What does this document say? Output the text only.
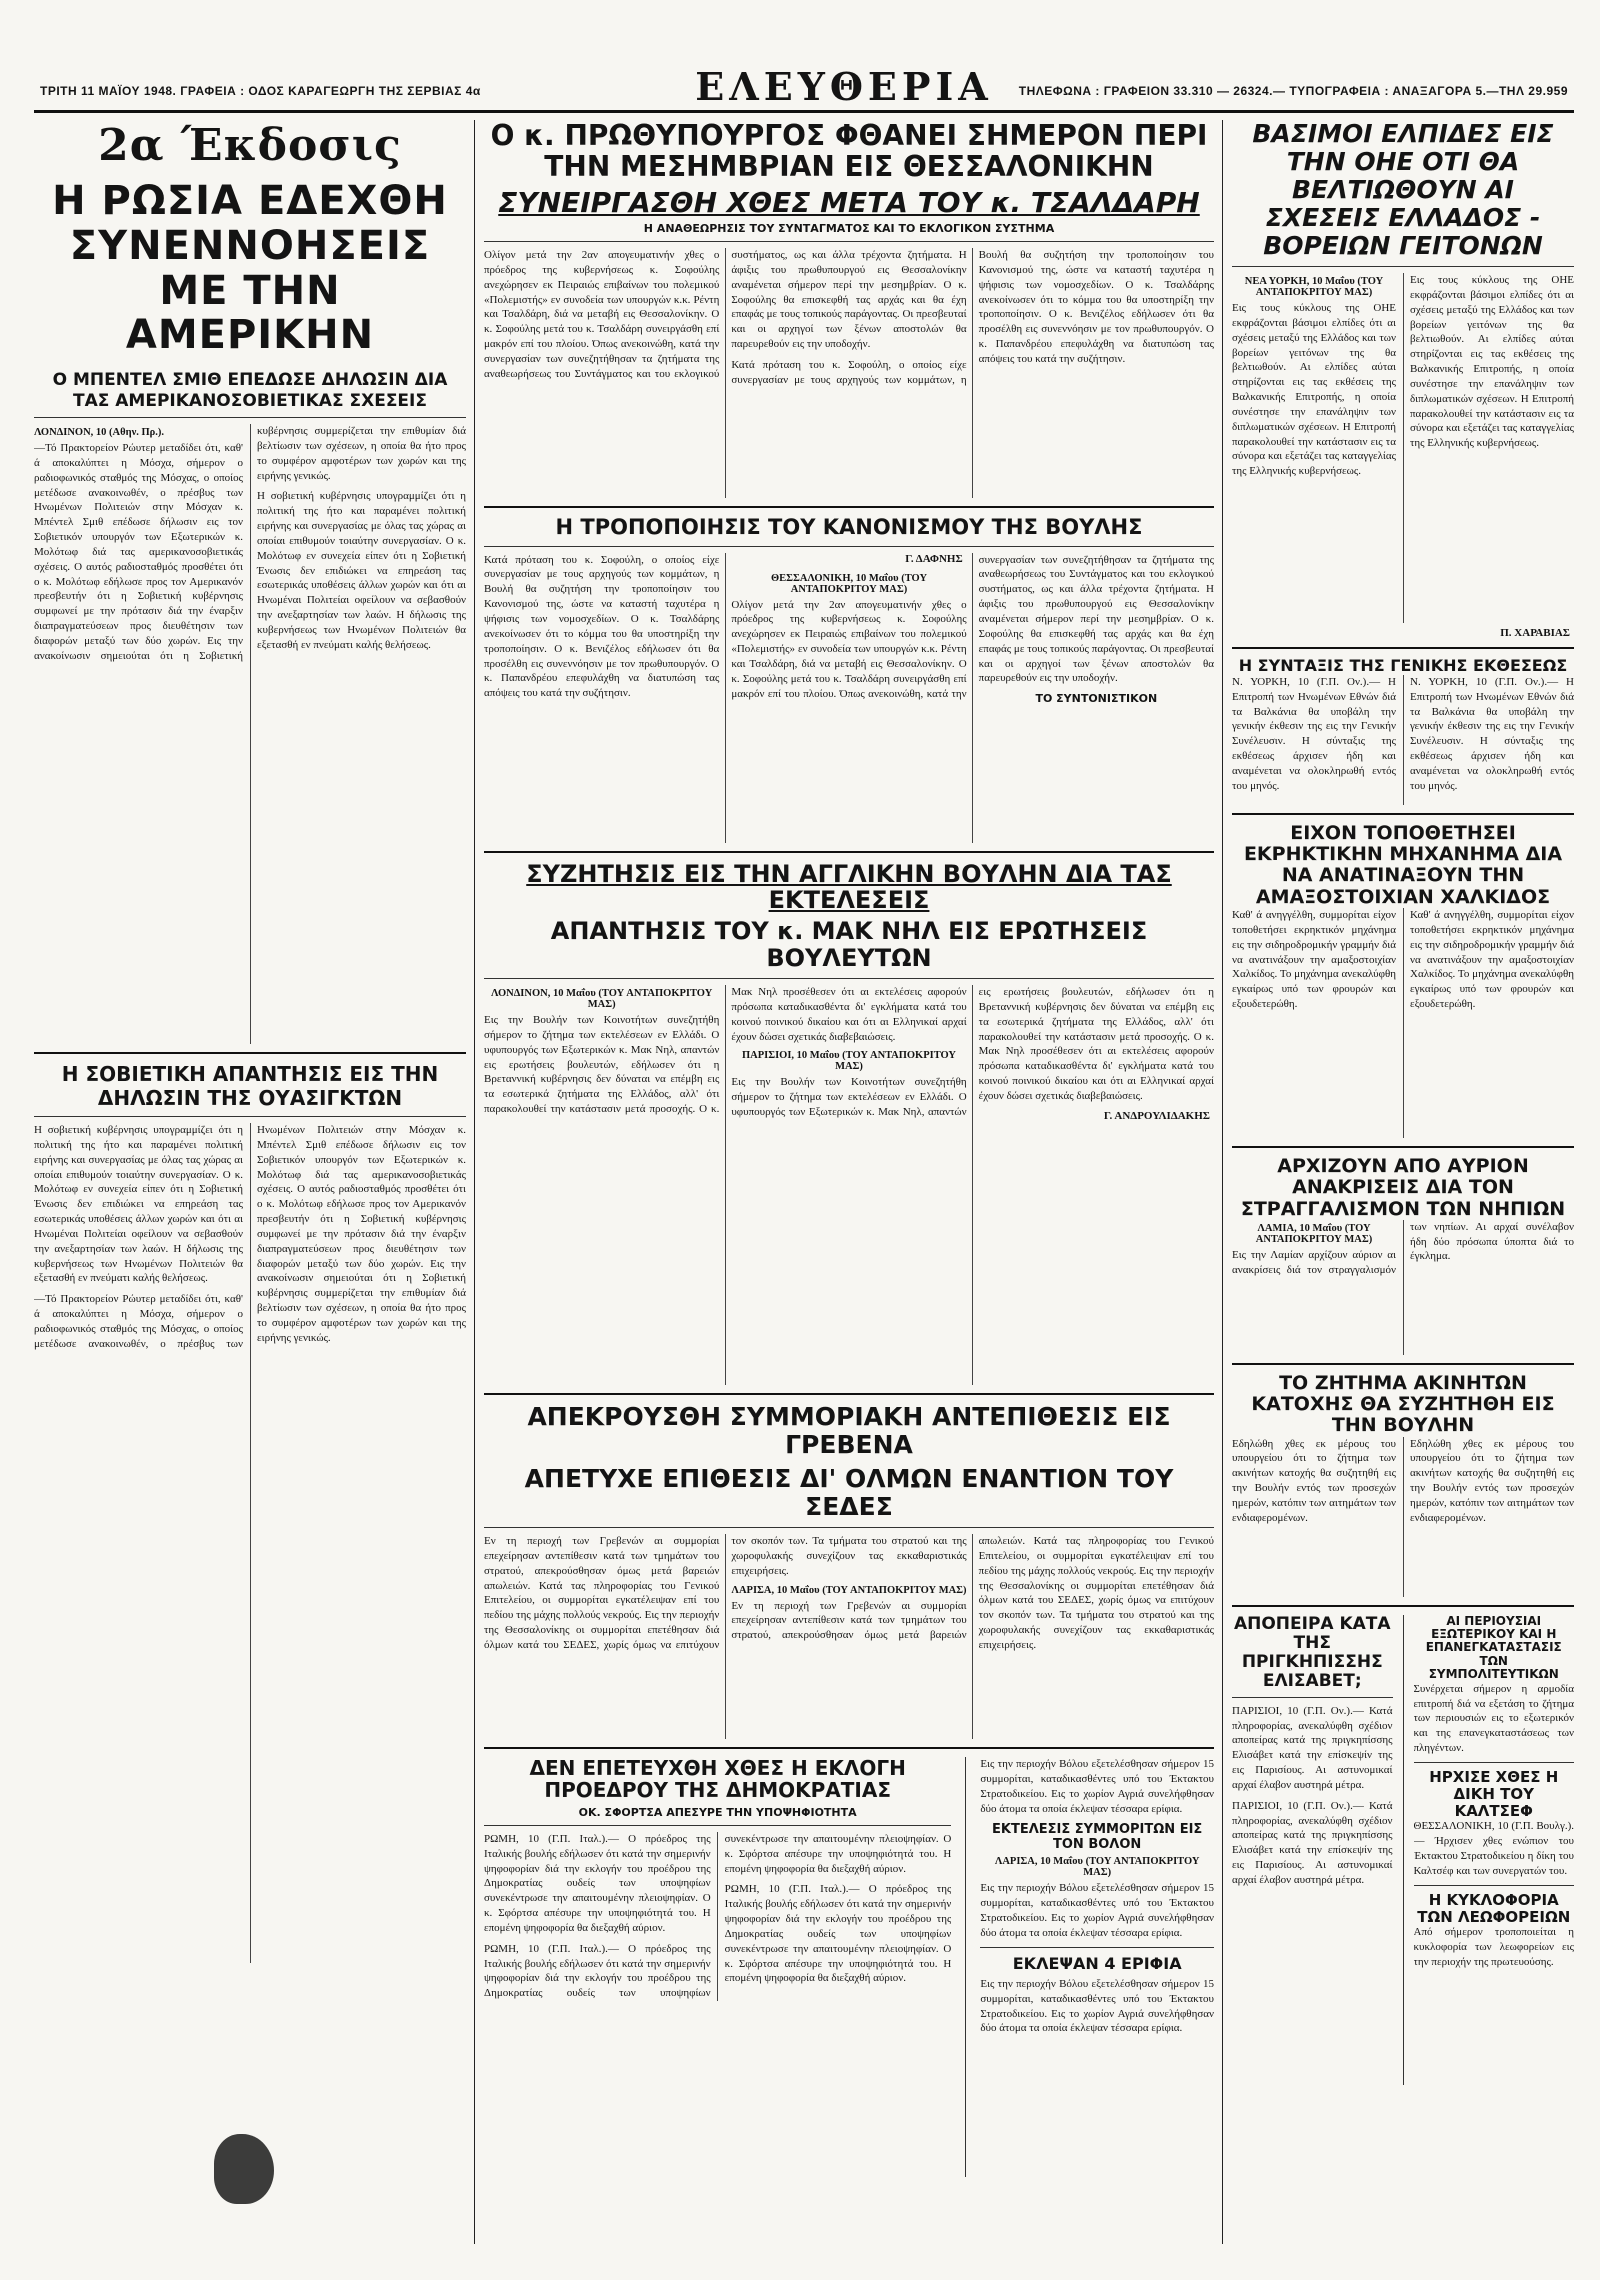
ΤΡΙΤΗ 11 ΜΑΪΟΥ 1948. ΓΡΑΦΕΙΑ : ΟΔΟΣ ΚΑΡΑΓΕΩΡΓΗ ΤΗΣ ΣΕΡΒΙΑΣ 4α	ΕΛΕΥΘΕΡΙΑ ΤΗΛΕΦΩΝΑ : ΓΡΑΦΕΙΟΝ 33.310 — 26324.— ΤΥΠΟΓΡΑΦΕΙΑ : ΑΝΑΞΑΓΟΡΑ 5.—ΤΗΛ 29.959
2α Έκδοσις
Η ΡΩΣΙΑ ΕΔΕΧΘΗ ΣΥΝΕΝΝΟΗΣΕΙΣ ΜΕ ΤΗΝ ΑΜΕΡΙΚΗΝ
Ο ΜΠΕΝΤΕΛ ΣΜΙΘ ΕΠΕΔΩΣΕ ΔΗΛΩΣΙΝ ΔΙΑ ΤΑΣ ΑΜΕΡΙΚΑΝΟΣΟΒΙΕΤΙΚΑΣ ΣΧΕΣΕΙΣ
ΛΟΝΔΙΝΟΝ, 10 (Αθην. Πρ.).

—Τό Πρακτορείον Ρώυτερ μεταδίδει ότι, καθ' ά αποκαλύπτει η Μόσχα, σήμερον ο ραδιοφωνικός σταθμός της Μόσχας, ο οποίος μετέδωσε ανακοινωθέν, ο πρέσβυς των Ηνωμένων Πολιτειών στην Μόσχαν κ. Μπέντελ Σμιθ επέδωσε δήλωσιν εις τον Σοβιετικόν υπουργόν των Εξωτερικών κ. Μολότωφ διά τας αμερικανοσοβιετικάς σχέσεις. Ο αυτός ραδιοσταθμός προσθέτει ότι ο κ. Μολότωφ εδήλωσε προς τον Αμερικανόν πρεσβευτήν ότι η Σοβιετική κυβέρνησις συμφωνεί με την πρότασιν διά την έναρξιν διαπραγματεύσεων προς διευθέτησιν των διαφορών μεταξύ των δύο χωρών. Εις την ανακοίνωσιν σημειούται ότι η Σοβιετική κυβέρνησις συμμερίζεται την επιθυμίαν διά βελτίωσιν των σχέσεων, η οποία θα ήτο προς το συμφέρον αμφοτέρων των χωρών και της ειρήνης γενικώς.

Η σοβιετική κυβέρνησις υπογραμμίζει ότι η πολιτική της ήτο και παραμένει πολιτική ειρήνης και συνεργασίας με όλας τας χώρας αι οποίαι επιθυμούν τοιαύτην συνεργασίαν. Ο κ. Μολότωφ εν συνεχεία είπεν ότι η Σοβιετική Ένωσις δεν επιδιώκει να επηρεάση τας εσωτερικάς υποθέσεις άλλων χωρών και ότι αι Ηνωμέναι Πολιτείαι οφείλουν να σεβασθούν την ανεξαρτησίαν των λαών. Η δήλωσις της κυβερνήσεως των Ηνωμένων Πολιτειών θα εξετασθή εν πνεύματι καλής θελήσεως.

Η ΣΟΒΙΕΤΙΚΗ ΑΠΑΝΤΗΣΙΣ ΕΙΣ ΤΗΝ ΔΗΛΩΣΙΝ ΤΗΣ ΟΥΑΣΙΓΚΤΩΝ

Η σοβιετική κυβέρνησις υπογραμμίζει ότι η πολιτική της ήτο και παραμένει πολιτική ειρήνης και συνεργασίας με όλας τας χώρας αι οποίαι επιθυμούν τοιαύτην συνεργασίαν. Ο κ. Μολότωφ εν συνεχεία είπεν ότι η Σοβιετική Ένωσις δεν επιδιώκει να επηρεάση τας εσωτερικάς υποθέσεις άλλων χωρών και ότι αι Ηνωμέναι Πολιτείαι οφείλουν να σεβασθούν την ανεξαρτησίαν των λαών. Η δήλωσις της κυβερνήσεως των Ηνωμένων Πολιτειών θα εξετασθή εν πνεύματι καλής θελήσεως.

—Τό Πρακτορείον Ρώυτερ μεταδίδει ότι, καθ' ά αποκαλύπτει η Μόσχα, σήμερον ο ραδιοφωνικός σταθμός της Μόσχας, ο οποίος μετέδωσε ανακοινωθέν, ο πρέσβυς των Ηνωμένων Πολιτειών στην Μόσχαν κ. Μπέντελ Σμιθ επέδωσε δήλωσιν εις τον Σοβιετικόν υπουργόν των Εξωτερικών κ. Μολότωφ διά τας αμερικανοσοβιετικάς σχέσεις. Ο αυτός ραδιοσταθμός προσθέτει ότι ο κ. Μολότωφ εδήλωσε προς τον Αμερικανόν πρεσβευτήν ότι η Σοβιετική κυβέρνησις συμφωνεί με την πρότασιν διά την έναρξιν διαπραγματεύσεων προς διευθέτησιν των διαφορών μεταξύ των δύο χωρών. Εις την ανακοίνωσιν σημειούται ότι η Σοβιετική κυβέρνησις συμμερίζεται την επιθυμίαν διά βελτίωσιν των σχέσεων, η οποία θα ήτο προς το συμφέρον αμφοτέρων των χωρών και της ειρήνης γενικώς.

Ο κ. ΠΡΩΘΥΠΟΥΡΓΟΣ ΦΘΑΝΕΙ ΣΗΜΕΡΟΝ ΠΕΡΙ ΤΗΝ ΜΕΣΗΜΒΡΙΑΝ ΕΙΣ ΘΕΣΣΑΛΟΝΙΚΗΝ
ΣΥΝΕΙΡΓΑΣΘΗ ΧΘΕΣ ΜΕΤΑ ΤΟΥ κ. ΤΣΑΛΔΑΡΗ
Η ΑΝΑΘΕΩΡΗΣΙΣ ΤΟΥ ΣΥΝΤΑΓΜΑΤΟΣ ΚΑΙ ΤΟ ΕΚΛΟΓΙΚΟΝ ΣΥΣΤΗΜΑ

Ολίγον μετά την 2αν απογευματινήν χθες ο πρόεδρος της κυβερνήσεως κ. Σοφούλης ανεχώρησεν εκ Πειραιώς επιβαίνων του πολεμικού «Πολεμιστής» εν συνοδεία των υπουργών κ.κ. Ρέντη και Τσαλδάρη, διά να μεταβή εις Θεσσαλονίκην. Ο κ. Σοφούλης μετά του κ. Τσαλδάρη συνειργάσθη επί μακρόν επί του πλοίου. Όπως ανεκοινώθη, κατά την συνεργασίαν των συνεζητήθησαν τα ζητήματα της αναθεωρήσεως του Συντάγματος και του εκλογικού συστήματος, ως και άλλα τρέχοντα ζητήματα. Η άφιξις του πρωθυπουργού εις Θεσσαλονίκην αναμένεται σήμερον περί την μεσημβρίαν. Ο κ. Σοφούλης θα επισκεφθή τας αρχάς και θα έχη επαφάς με τους τοπικούς παράγοντας. Οι πρεσβευταί και οι αρχηγοί των ξένων αποστολών θα παρευρεθούν εις την υποδοχήν.

Κατά πρόταση του κ. Σοφούλη, ο οποίος είχε συνεργασίαν με τους αρχηγούς των κομμάτων, η Βουλή θα συζητήση την τροποποίησιν του Κανονισμού της, ώστε να καταστή ταχυτέρα η ψήφισις των νομοσχεδίων. Ο κ. Τσαλδάρης ανεκοίνωσεν ότι το κόμμα του θα υποστηρίξη την τροποποίησιν. Ο κ. Βενιζέλος εδήλωσεν ότι θα προσέλθη εις συνεννόησιν με τον πρωθυπουργόν. Ο κ. Παπανδρέου επεφυλάχθη να διατυπώση τας απόψεις του κατά την συζήτησιν.

Η ΤΡΟΠΟΠΟΙΗΣΙΣ ΤΟΥ ΚΑΝΟΝΙΣΜΟΥ ΤΗΣ ΒΟΥΛΗΣ

Κατά πρόταση του κ. Σοφούλη, ο οποίος είχε συνεργασίαν με τους αρχηγούς των κομμάτων, η Βουλή θα συζητήση την τροποποίησιν του Κανονισμού της, ώστε να καταστή ταχυτέρα η ψήφισις των νομοσχεδίων. Ο κ. Τσαλδάρης ανεκοίνωσεν ότι το κόμμα του θα υποστηρίξη την τροποποίησιν. Ο κ. Βενιζέλος εδήλωσεν ότι θα προσέλθη εις συνεννόησιν με τον πρωθυπουργόν. Ο κ. Παπανδρέου επεφυλάχθη να διατυπώση τας απόψεις του κατά την συζήτησιν.

Γ. ΔΑΦΝΗΣ
ΘΕΣΣΑΛΟΝΙΚΗ, 10 Μαΐου (ΤΟΥ ΑΝΤΑΠΟΚΡΙΤΟΥ ΜΑΣ)

Ολίγον μετά την 2αν απογευματινήν χθες ο πρόεδρος της κυβερνήσεως κ. Σοφούλης ανεχώρησεν εκ Πειραιώς επιβαίνων του πολεμικού «Πολεμιστής» εν συνοδεία των υπουργών κ.κ. Ρέντη και Τσαλδάρη, διά να μεταβή εις Θεσσαλονίκην. Ο κ. Σοφούλης μετά του κ. Τσαλδάρη συνειργάσθη επί μακρόν επί του πλοίου. Όπως ανεκοινώθη, κατά την συνεργασίαν των συνεζητήθησαν τα ζητήματα της αναθεωρήσεως του Συντάγματος και του εκλογικού συστήματος, ως και άλλα τρέχοντα ζητήματα. Η άφιξις του πρωθυπουργού εις Θεσσαλονίκην αναμένεται σήμερον περί την μεσημβρίαν. Ο κ. Σοφούλης θα επισκεφθή τας αρχάς και θα έχη επαφάς με τους τοπικούς παράγοντας. Οι πρεσβευταί και οι αρχηγοί των ξένων αποστολών θα παρευρεθούν εις την υποδοχήν.

ΤΟ ΣΥΝΤΟΝΙΣΤΙΚΟΝ
ΣΥΖΗΤΗΣΙΣ ΕΙΣ ΤΗΝ ΑΓΓΛΙΚΗΝ ΒΟΥΛΗΝ ΔΙΑ ΤΑΣ ΕΚΤΕΛΕΣΕΙΣ
ΑΠΑΝΤΗΣΙΣ ΤΟΥ κ. ΜΑΚ ΝΗΛ ΕΙΣ ΕΡΩΤΗΣΕΙΣ ΒΟΥΛΕΥΤΩΝ
ΛΟΝΔΙΝΟΝ, 10 Μαΐου (ΤΟΥ ΑΝΤΑΠΟΚΡΙΤΟΥ ΜΑΣ)

Εις την Βουλήν των Κοινοτήτων συνεζητήθη σήμερον το ζήτημα των εκτελέσεων εν Ελλάδι. Ο υφυπουργός των Εξωτερικών κ. Μακ Νηλ, απαντών εις ερωτήσεις βουλευτών, εδήλωσεν ότι η Βρεταννική κυβέρνησις δεν δύναται να επέμβη εις τα εσωτερικά ζητήματα της Ελλάδος, αλλ' ότι παρακολουθεί την κατάστασιν μετά προσοχής. Ο κ. Μακ Νηλ προσέθεσεν ότι αι εκτελέσεις αφορούν πρόσωπα καταδικασθέντα δι' εγκλήματα κατά του κοινού ποινικού δικαίου και ότι αι Ελληνικαί αρχαί έχουν δώσει σχετικάς διαβεβαιώσεις.

ΠΑΡΙΣΙΟΙ, 10 Μαΐου (ΤΟΥ ΑΝΤΑΠΟΚΡΙΤΟΥ ΜΑΣ)

Εις την Βουλήν των Κοινοτήτων συνεζητήθη σήμερον το ζήτημα των εκτελέσεων εν Ελλάδι. Ο υφυπουργός των Εξωτερικών κ. Μακ Νηλ, απαντών εις ερωτήσεις βουλευτών, εδήλωσεν ότι η Βρεταννική κυβέρνησις δεν δύναται να επέμβη εις τα εσωτερικά ζητήματα της Ελλάδος, αλλ' ότι παρακολουθεί την κατάστασιν μετά προσοχής. Ο κ. Μακ Νηλ προσέθεσεν ότι αι εκτελέσεις αφορούν πρόσωπα καταδικασθέντα δι' εγκλήματα κατά του κοινού ποινικού δικαίου και ότι αι Ελληνικαί αρχαί έχουν δώσει σχετικάς διαβεβαιώσεις.

Γ. ΑΝΔΡΟΥΛΙΔΑΚΗΣ
ΑΠΕΚΡΟΥΣΘΗ ΣΥΜΜΟΡΙΑΚΗ ΑΝΤΕΠΙΘΕΣΙΣ ΕΙΣ ΓΡΕΒΕΝΑ
ΑΠΕΤΥΧΕ ΕΠΙΘΕΣΙΣ ΔΙ' ΟΛΜΩΝ ΕΝΑΝΤΙΟΝ ΤΟΥ ΣΕΔΕΣ

Εν τη περιοχή των Γρεβενών αι συμμορίαι επεχείρησαν αντεπίθεσιν κατά των τμημάτων του στρατού, απεκρούσθησαν όμως μετά βαρειών απωλειών. Κατά τας πληροφορίας του Γενικού Επιτελείου, οι συμμορίται εγκατέλειψαν επί του πεδίου της μάχης πολλούς νεκρούς. Εις την περιοχήν της Θεσσαλονίκης οι συμμορίται επετέθησαν διά όλμων κατά του ΣΕΔΕΣ, χωρίς όμως να επιτύχουν τον σκοπόν των. Τα τμήματα του στρατού και της χωροφυλακής συνεχίζουν τας εκκαθαριστικάς επιχειρήσεις.

ΛΑΡΙΣΑ, 10 Μαΐου (ΤΟΥ ΑΝΤΑΠΟΚΡΙΤΟΥ ΜΑΣ)

Εν τη περιοχή των Γρεβενών αι συμμορίαι επεχείρησαν αντεπίθεσιν κατά των τμημάτων του στρατού, απεκρούσθησαν όμως μετά βαρειών απωλειών. Κατά τας πληροφορίας του Γενικού Επιτελείου, οι συμμορίται εγκατέλειψαν επί του πεδίου της μάχης πολλούς νεκρούς. Εις την περιοχήν της Θεσσαλονίκης οι συμμορίται επετέθησαν διά όλμων κατά του ΣΕΔΕΣ, χωρίς όμως να επιτύχουν τον σκοπόν των. Τα τμήματα του στρατού και της χωροφυλακής συνεχίζουν τας εκκαθαριστικάς επιχειρήσεις.

ΔΕΝ ΕΠΕΤΕΥΧΘΗ ΧΘΕΣ Η ΕΚΛΟΓΗ ΠΡΟΕΔΡΟΥ ΤΗΣ ΔΗΜΟΚΡΑΤΙΑΣ
ΟΚ. ΣΦΟΡΤΣΑ ΑΠΕΣΥΡΕ ΤΗΝ ΥΠΟΨΗΦΙΟΤΗΤΑ

ΡΩΜΗ, 10 (Γ.Π. Ιταλ.).— Ο πρόεδρος της Ιταλικής βουλής εδήλωσεν ότι κατά την σημερινήν ψηφοφορίαν διά την εκλογήν του προέδρου της Δημοκρατίας ουδείς των υποψηφίων συνεκέντρωσε την απαιτουμένην πλειοψηφίαν. Ο κ. Σφόρτσα απέσυρε την υποψηφιότητά του. Η επομένη ψηφοφορία θα διεξαχθή αύριον.

ΡΩΜΗ, 10 (Γ.Π. Ιταλ.).— Ο πρόεδρος της Ιταλικής βουλής εδήλωσεν ότι κατά την σημερινήν ψηφοφορίαν διά την εκλογήν του προέδρου της Δημοκρατίας ουδείς των υποψηφίων συνεκέντρωσε την απαιτουμένην πλειοψηφίαν. Ο κ. Σφόρτσα απέσυρε την υποψηφιότητά του. Η επομένη ψηφοφορία θα διεξαχθή αύριον.

ΡΩΜΗ, 10 (Γ.Π. Ιταλ.).— Ο πρόεδρος της Ιταλικής βουλής εδήλωσεν ότι κατά την σημερινήν ψηφοφορίαν διά την εκλογήν του προέδρου της Δημοκρατίας ουδείς των υποψηφίων συνεκέντρωσε την απαιτουμένην πλειοψηφίαν. Ο κ. Σφόρτσα απέσυρε την υποψηφιότητά του. Η επομένη ψηφοφορία θα διεξαχθή αύριον.

Εις την περιοχήν Βόλου εξετελέσθησαν σήμερον 15 συμμορίται, καταδικασθέντες υπό του Έκτακτου Στρατοδικείου. Εις το χωρίον Αγριά συνελήφθησαν δύο άτομα τα οποία έκλεψαν τέσσαρα ερίφια.

ΕΚΤΕΛΕΣΙΣ ΣΥΜΜΟΡΙΤΩΝ ΕΙΣ ΤΟΝ ΒΟΛΟΝ
ΛΑΡΙΣΑ, 10 Μαΐου (ΤΟΥ ΑΝΤΑΠΟΚΡΙΤΟΥ ΜΑΣ)

Εις την περιοχήν Βόλου εξετελέσθησαν σήμερον 15 συμμορίται, καταδικασθέντες υπό του Έκτακτου Στρατοδικείου. Εις το χωρίον Αγριά συνελήφθησαν δύο άτομα τα οποία έκλεψαν τέσσαρα ερίφια.

ΕΚΛΕΨΑΝ 4 ΕΡΙΦΙΑ

Εις την περιοχήν Βόλου εξετελέσθησαν σήμερον 15 συμμορίται, καταδικασθέντες υπό του Έκτακτου Στρατοδικείου. Εις το χωρίον Αγριά συνελήφθησαν δύο άτομα τα οποία έκλεψαν τέσσαρα ερίφια.

ΒΑΣΙΜΟΙ ΕΛΠΙΔΕΣ ΕΙΣ ΤΗΝ ΟΗΕ ΟΤΙ ΘΑ ΒΕΛΤΙΩΘΟΥΝ ΑΙ ΣΧΕΣΕΙΣ ΕΛΛΑΔΟΣ - ΒΟΡΕΙΩΝ ΓΕΙΤΟΝΩΝ
ΝΕΑ ΥΟΡΚΗ, 10 Μαΐου (ΤΟΥ ΑΝΤΑΠΟΚΡΙΤΟΥ ΜΑΣ)

Εις τους κύκλους της ΟΗΕ εκφράζονται βάσιμοι ελπίδες ότι αι σχέσεις μεταξύ της Ελλάδος και των βορείων γειτόνων της θα βελτιωθούν. Αι ελπίδες αύται στηρίζονται εις τας εκθέσεις της Βαλκανικής Επιτροπής, η οποία συνέστησε την επανάληψιν των διπλωματικών σχέσεων. Η Επιτροπή παρακολουθεί την κατάστασιν εις τα σύνορα και εξετάζει τας καταγγελίας της Ελληνικής κυβερνήσεως.

Εις τους κύκλους της ΟΗΕ εκφράζονται βάσιμοι ελπίδες ότι αι σχέσεις μεταξύ της Ελλάδος και των βορείων γειτόνων της θα βελτιωθούν. Αι ελπίδες αύται στηρίζονται εις τας εκθέσεις της Βαλκανικής Επιτροπής, η οποία συνέστησε την επανάληψιν των διπλωματικών σχέσεων. Η Επιτροπή παρακολουθεί την κατάστασιν εις τα σύνορα και εξετάζει τας καταγγελίας της Ελληνικής κυβερνήσεως.

Π. ΧΑΡΑΒΙΑΣ
Η ΣΥΝΤΑΞΙΣ ΤΗΣ ΓΕΝΙΚΗΣ ΕΚΘΕΣΕΩΣ

Ν. ΥΟΡΚΗ, 10 (Γ.Π. Ον.).— Η Επιτροπή των Ηνωμένων Εθνών διά τα Βαλκάνια θα υποβάλη την γενικήν έκθεσιν της εις την Γενικήν Συνέλευσιν. Η σύνταξις της εκθέσεως άρχισεν ήδη και αναμένεται να ολοκληρωθή εντός του μηνός.

Ν. ΥΟΡΚΗ, 10 (Γ.Π. Ον.).— Η Επιτροπή των Ηνωμένων Εθνών διά τα Βαλκάνια θα υποβάλη την γενικήν έκθεσιν της εις την Γενικήν Συνέλευσιν. Η σύνταξις της εκθέσεως άρχισεν ήδη και αναμένεται να ολοκληρωθή εντός του μηνός.

ΕΙΧΟΝ ΤΟΠΟΘΕΤΗΣΕΙ ΕΚΡΗΚΤΙΚΗΝ ΜΗΧΑΝΗΜΑ ΔΙΑ ΝΑ ΑΝΑΤΙΝΑΞΟΥΝ ΤΗΝ ΑΜΑΞΟΣΤΟΙΧΙΑΝ ΧΑΛΚΙΔΟΣ

Καθ' ά ανηγγέλθη, συμμορίται είχον τοποθετήσει εκρηκτικόν μηχάνημα εις την σιδηροδρομικήν γραμμήν διά να ανατινάξουν την αμαξοστοιχίαν Χαλκίδος. Το μηχάνημα ανεκαλύφθη εγκαίρως υπό των φρουρών και εξουδετερώθη.

Καθ' ά ανηγγέλθη, συμμορίται είχον τοποθετήσει εκρηκτικόν μηχάνημα εις την σιδηροδρομικήν γραμμήν διά να ανατινάξουν την αμαξοστοιχίαν Χαλκίδος. Το μηχάνημα ανεκαλύφθη εγκαίρως υπό των φρουρών και εξουδετερώθη.

ΑΡΧΙΖΟΥΝ ΑΠΟ ΑΥΡΙΟΝ ΑΝΑΚΡΙΣΕΙΣ ΔΙΑ ΤΟΝ ΣΤΡΑΓΓΑΛΙΣΜΟΝ ΤΩΝ ΝΗΠΙΩΝ
ΛΑΜΙΑ, 10 Μαΐου (ΤΟΥ ΑΝΤΑΠΟΚΡΙΤΟΥ ΜΑΣ)

Εις την Λαμίαν αρχίζουν αύριον αι ανακρίσεις διά τον στραγγαλισμόν των νηπίων. Αι αρχαί συνέλαβον ήδη δύο πρόσωπα ύποπτα διά το έγκλημα.

ΤΟ ΖΗΤΗΜΑ ΑΚΙΝΗΤΩΝ ΚΑΤΟΧΗΣ ΘΑ ΣΥΖΗΤΗΘΗ ΕΙΣ ΤΗΝ ΒΟΥΛΗΝ

Εδηλώθη χθες εκ μέρους του υπουργείου ότι το ζήτημα των ακινήτων κατοχής θα συζητηθή εις την Βουλήν εντός των προσεχών ημερών, κατόπιν των αιτημάτων των ενδιαφερομένων.

Εδηλώθη χθες εκ μέρους του υπουργείου ότι το ζήτημα των ακινήτων κατοχής θα συζητηθή εις την Βουλήν εντός των προσεχών ημερών, κατόπιν των αιτημάτων των ενδιαφερομένων.

ΑΠΟΠΕΙΡΑ ΚΑΤΑ ΤΗΣ ΠΡΙΓΚΗΠΙΣΣΗΣ ΕΛΙΣΑΒΕΤ;

ΠΑΡΙΣΙΟΙ, 10 (Γ.Π. Ον.).— Κατά πληροφορίας, ανεκαλύφθη σχέδιον αποπείρας κατά της πριγκηπίσσης Ελισάβετ κατά την επίσκεψίν της εις Παρισίους. Αι αστυνομικαί αρχαί έλαβον αυστηρά μέτρα.

ΠΑΡΙΣΙΟΙ, 10 (Γ.Π. Ον.).— Κατά πληροφορίας, ανεκαλύφθη σχέδιον αποπείρας κατά της πριγκηπίσσης Ελισάβετ κατά την επίσκεψίν της εις Παρισίους. Αι αστυνομικαί αρχαί έλαβον αυστηρά μέτρα.

ΑΙ ΠΕΡΙΟΥΣΙΑΙ ΕΞΩΤΕΡΙΚΟΥ ΚΑΙ Η ΕΠΑΝΕΓΚΑΤΑΣΤΑΣΙΣ ΤΩΝ ΣΥΜΠΟΛΙΤΕΥΤΙΚΩΝ

Συνέρχεται σήμερον η αρμοδία επιτροπή διά να εξετάση το ζήτημα των περιουσιών εις το εξωτερικόν και της επανεγκαταστάσεως των πληγέντων.

ΗΡΧΙΣΕ ΧΘΕΣ Η ΔΙΚΗ ΤΟΥ ΚΑΛΤΣΕΦ

ΘΕΣΣΑΛΟΝΙΚΗ, 10 (Γ.Π. Βουλγ.).— Ήρχισεν χθες ενώπιον του Έκτακτου Στρατοδικείου η δίκη του Καλτσέφ και των συνεργατών του.

Η ΚΥΚΛΟΦΟΡΙΑ ΤΩΝ ΛΕΩΦΟΡΕΙΩΝ

Από σήμερον τροποποιείται η κυκλοφορία των λεωφορείων εις την περιοχήν της πρωτευούσης.
